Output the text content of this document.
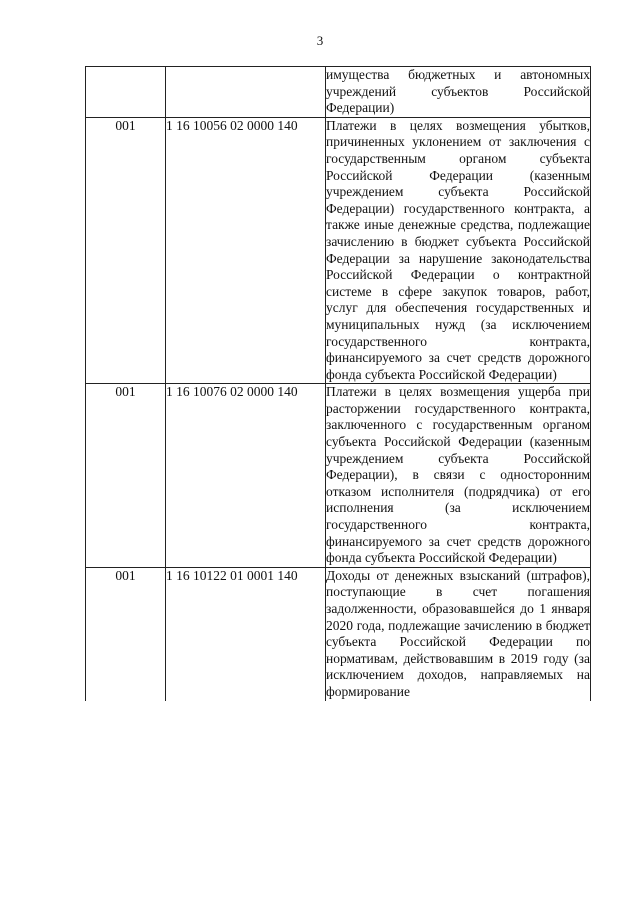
3

		имущества бюджетных и автономных учреждений субъектов Российской Федерации)

001	1 16 10056 02 0000 140	Платежи в целях возмещения убытков, причиненных уклонением от заключения с государственным органом субъекта Российской Федерации (казенным учреждением субъекта Российской Федерации) государственного контракта, а также иные денежные средства, подлежащие зачислению в бюджет субъекта Российской Федерации за нарушение законодательства Российской Федерации о контрактной системе в сфере закупок товаров, работ, услуг для обеспечения государственных и муниципальных нужд (за исключением государственного контракта, финансируемого за счет средств дорожного фонда субъекта Российской Федерации)

001	1 16 10076 02 0000 140	Платежи в целях возмещения ущерба при расторжении государственного контракта, заключенного с государственным органом субъекта Российской Федерации (казенным учреждением субъекта Российской Федерации), в связи с односторонним отказом исполнителя (подрядчика) от его исполнения (за исключением государственного контракта, финансируемого за счет средств дорожного фонда субъекта Российской Федерации)

001	1 16 10122 01 0001 140	Доходы от денежных взысканий (штрафов), поступающие в счет погашения задолженности, образовавшейся до 1 января 2020 года, подлежащие зачислению в бюджет субъекта Российской Федерации по нормативам, действовавшим в 2019 году (за исключением доходов, направляемых на формирование
